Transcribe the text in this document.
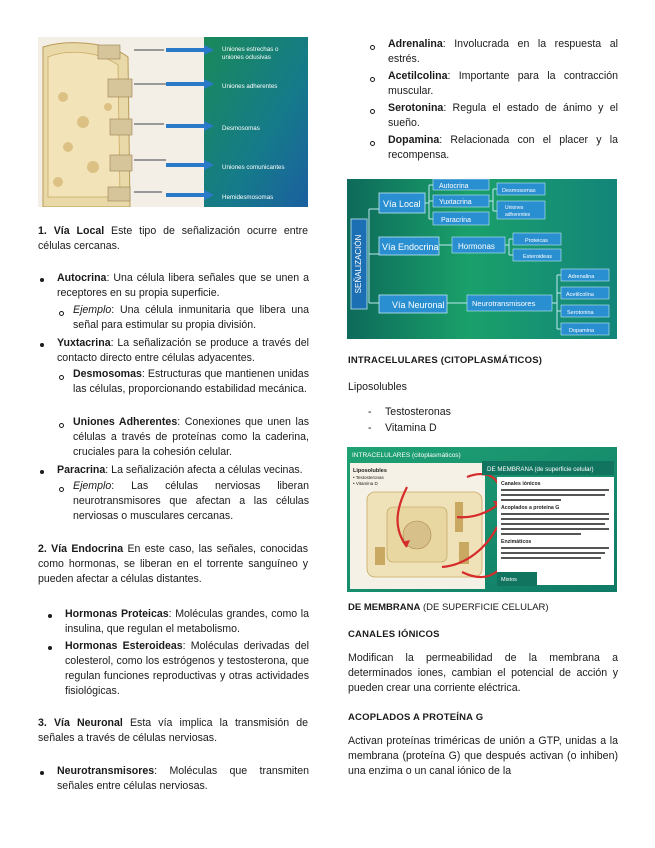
Uniones estrechas o
uniones oclusivas
Uniones adherentes
Desmosomas
Uniones comunicantes
Hemidesmosomas

1. Vía Local Este tipo de señalización ocurre entre células cercanas.

Autocrina: Una célula libera señales que se unen a receptores en su propia superficie.

Ejemplo: Una célula inmunitaria que libera una señal para estimular su propia división.

Yuxtacrina: La señalización se produce a través del contacto directo entre células adyacentes.

Desmosomas: Estructuras que mantienen unidas las células, proporcionando estabilidad mecánica.

Uniones Adherentes: Conexiones que unen las células a través de proteínas como la caderina, cruciales para la cohesión celular.

Paracrina: La señalización afecta a células vecinas.

Ejemplo: Las células nerviosas liberan neurotransmisores que afectan a las células nerviosas o musculares cercanas.

2. Vía Endocrina En este caso, las señales, conocidas como hormonas, se liberan en el torrente sanguíneo y pueden afectar a células distantes.

Hormonas Proteicas: Moléculas grandes, como la insulina, que regulan el metabolismo.

Hormonas Esteroideas: Moléculas derivadas del colesterol, como los estrógenos y testosterona, que regulan funciones reproductivas y otras actividades fisiológicas.

3. Vía Neuronal Esta vía implica la transmisión de señales a través de células nerviosas.

Neurotransmisores: Moléculas que transmiten señales entre células nerviosas.

Adrenalina: Involucrada en la respuesta al estrés.

Acetilcolina: Importante para la contracción muscular.

Serotonina: Regula el estado de ánimo y el sueño.

Dopamina: Relacionada con el placer y la recompensa.

SEÑALIZACIÓN
Vía Local
Autocrina
Yuxtacrina
Paracrina
Desmosomas
Uniones
adherentes
Vía Endocrina Hormonas
Proteicas
Esteroideas
Vía Neuronal	Neurotransmisores
Adrenalina
Acetilcolina
Serotonina
Dopamina
INTRACELULARES (CITOPLASMÁTICOS)
Liposolubles
- Testosteronas
- Vitamina D
INTRACELULARES (citoplasmáticos)
Liposolubles
• Testosteronas
• Vitamina D
DE MEMBRANA (de superficie celular)
Canales iónicos
Acoplados a proteína G
Enzimáticos
Mixtos
DE MEMBRANA (DE SUPERFICIE CELULAR)
CANALES IÓNICOS

Modifican la permeabilidad de la membrana a determinados iones, cambian el potencial de acción y pueden crear una corriente eléctrica.

ACOPLADOS A PROTEÍNA G

Activan proteínas triméricas de unión a GTP, unidas a la membrana (proteína G) que después activan (o inhiben) una enzima o un canal iónico de la
